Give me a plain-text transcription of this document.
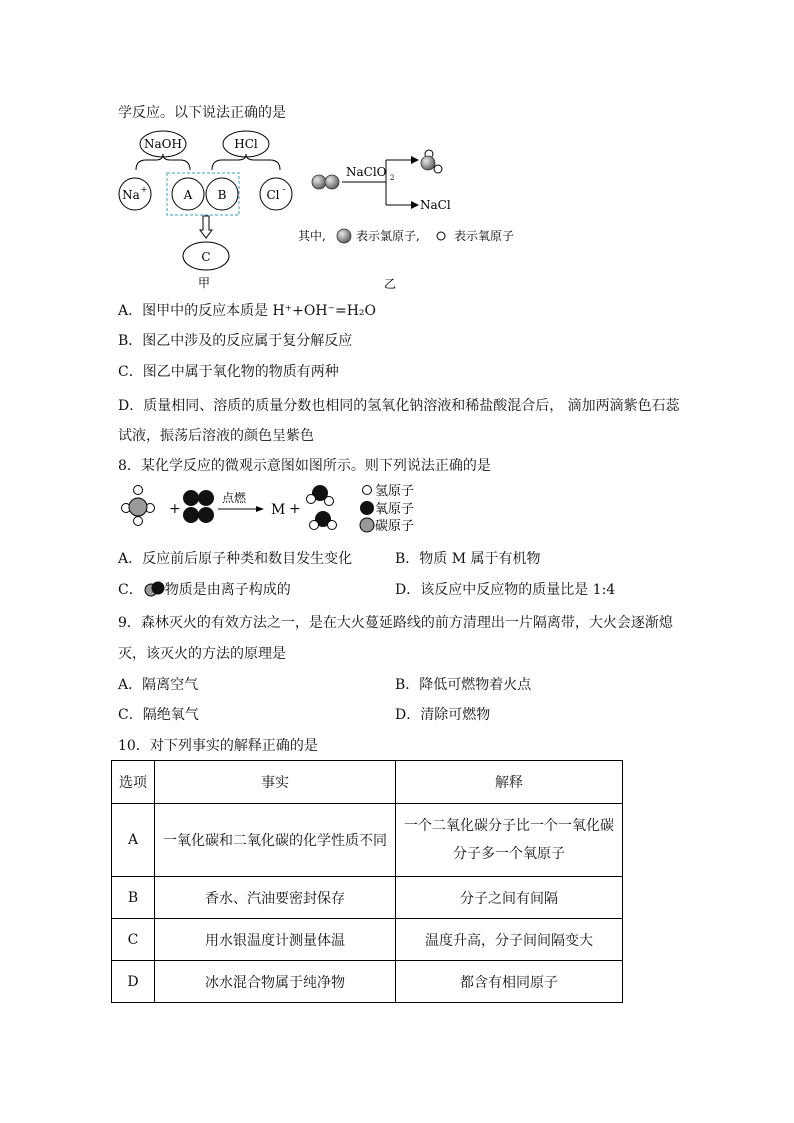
学反应。以下说法正确的是
NaOH	HCl
Na +	A B	Cl -
C
甲
NaClO 2
NaCl
其中,	表示氯原子,	表示氧原子
乙
A．图甲中的反应本质是 H⁺+OH⁻=H₂O
B．图乙中涉及的反应属于复分解反应
C．图乙中属于氧化物的物质有两种
D．质量相同、溶质的质量分数也相同的氢氧化钠溶液和稀盐酸混合后， 滴加两滴紫色石蕊
试液，振荡后溶液的颜色呈紫色
8．某化学反应的微观示意图如图所示。则下列说法正确的是
+
点燃
M +
氢原子
氧原子
碳原子
A．反应前后原子种类和数目发生变化	B．物质 M 属于有机物
C． 物质是由离子构成的	D．该反应中反应物的质量比是 1:4
9．森林灭火的有效方法之一，是在大火蔓延路线的前方清理出一片隔离带，大火会逐渐熄
灭，该灭火的方法的原理是
A．隔离空气	B．降低可燃物着火点
C．隔绝氧气	D．清除可燃物
10．对下列事实的解释正确的是
选项	事实	解释
A	一氧化碳和二氧化碳的化学性质不同	一个二氧化碳分子比一个一氧化碳
分子多一个氧原子

B	香水、汽油要密封保存	分子之间有间隔
C	用水银温度计测量体温	温度升高，分子间间隔变大
D	冰水混合物属于纯净物	都含有相同原子
